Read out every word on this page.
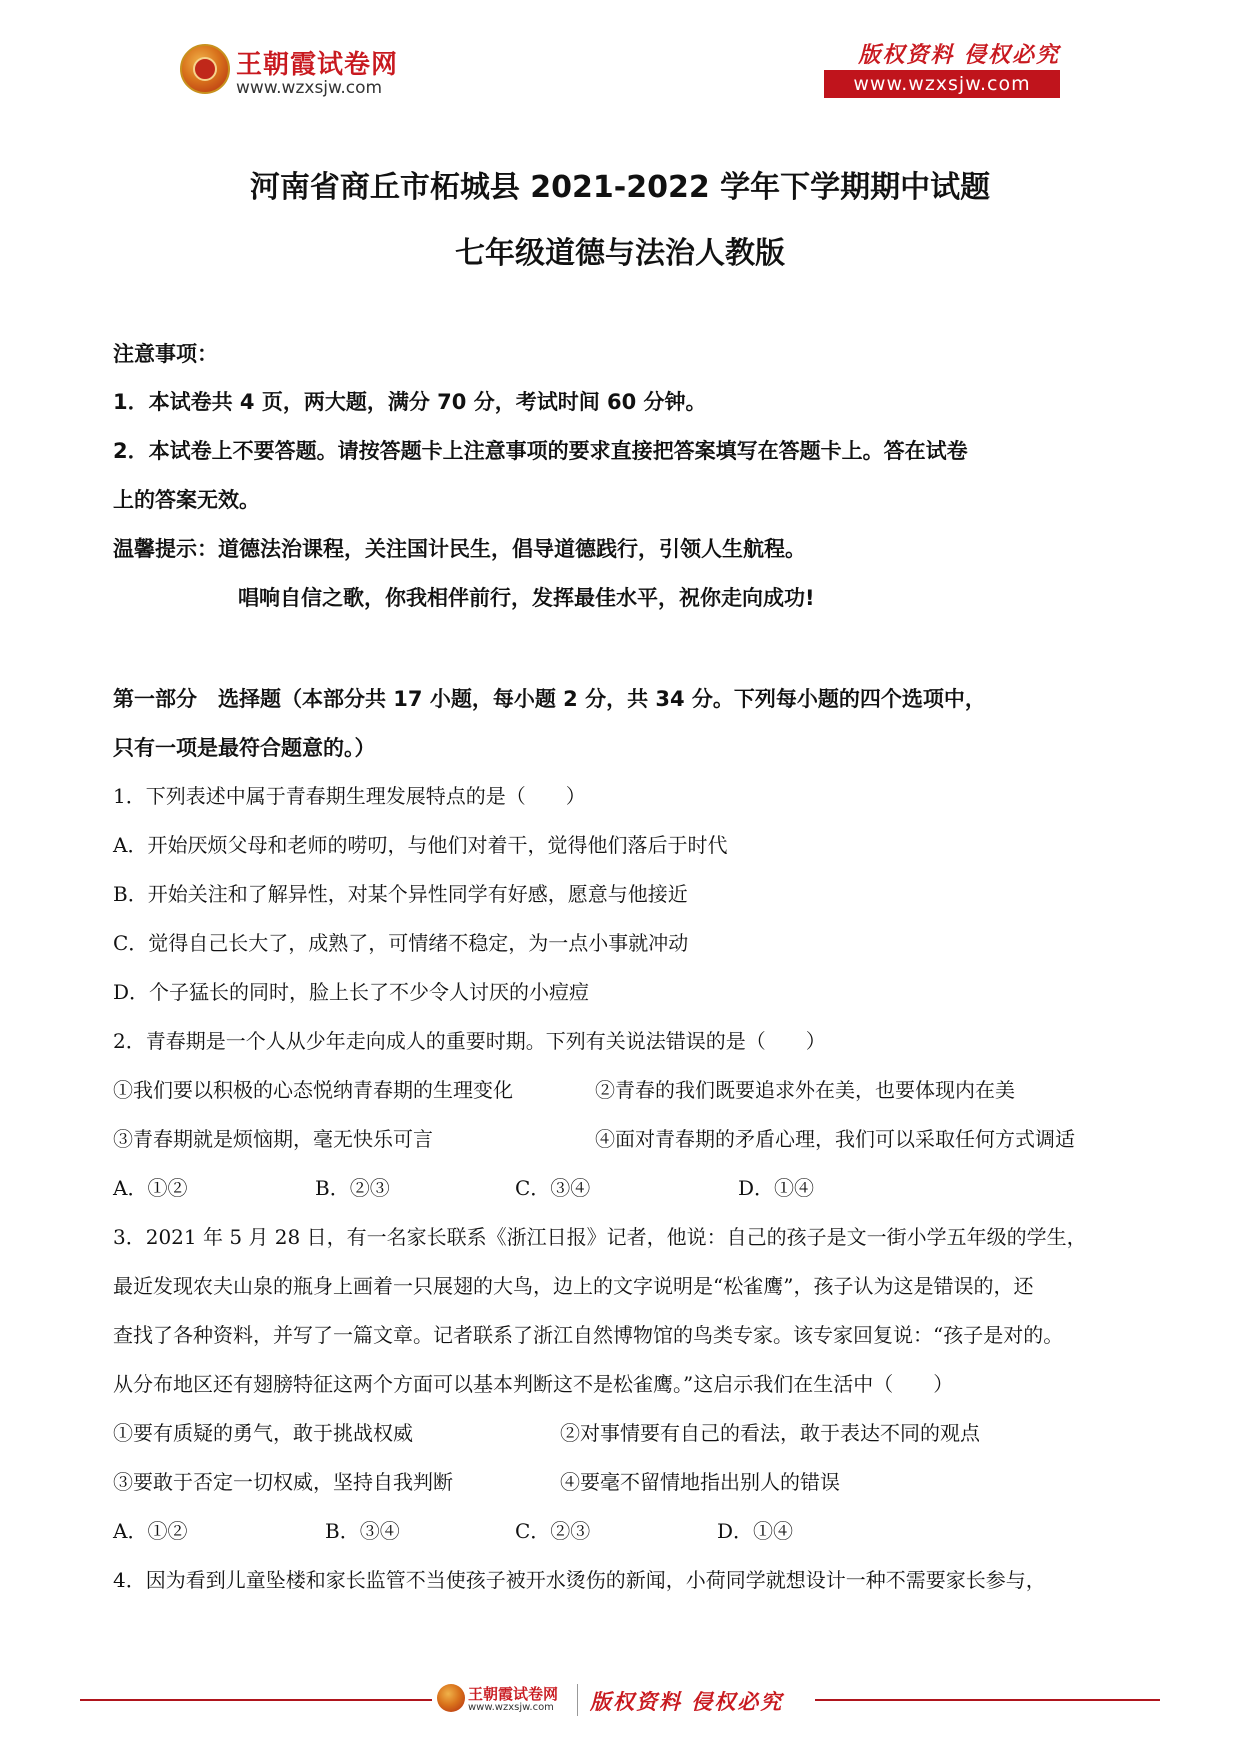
王朝霞试卷网
www.wzxsjw.com
版权资料 侵权必究
www.wzxsjw.com
河南省商丘市柘城县 2021-2022 学年下学期期中试题
七年级道德与法治人教版
注意事项：
1．本试卷共 4 页，两大题，满分 70 分，考试时间 60 分钟。
2．本试卷上不要答题。请按答题卡上注意事项的要求直接把答案填写在答题卡上。答在试卷
上的答案无效。
温馨提示：道德法治课程，关注国计民生，倡导道德践行，引领人生航程。
唱响自信之歌，你我相伴前行，发挥最佳水平，祝你走向成功!
第一部分　选择题（本部分共 17 小题，每小题 2 分，共 34 分。下列每小题的四个选项中，
只有一项是最符合题意的。）
1．下列表述中属于青春期生理发展特点的是（　　）
A．开始厌烦父母和老师的唠叨，与他们对着干，觉得他们落后于时代
B．开始关注和了解异性，对某个异性同学有好感，愿意与他接近
C．觉得自己长大了，成熟了，可情绪不稳定，为一点小事就冲动
D．个子猛长的同时，脸上长了不少令人讨厌的小痘痘
2．青春期是一个人从少年走向成人的重要时期。下列有关说法错误的是（　　）
①我们要以积极的心态悦纳青春期的生理变化	②青春的我们既要追求外在美，也要体现内在美
③青春期就是烦恼期，毫无快乐可言	④面对青春期的矛盾心理，我们可以采取任何方式调适
A．①②	B．②③	C．③④	D．①④
3．2021 年 5 月 28 日，有一名家长联系《浙江日报》记者，他说：自己的孩子是文一街小学五年级的学生，
最近发现农夫山泉的瓶身上画着一只展翅的大鸟，边上的文字说明是“松雀鹰”，孩子认为这是错误的，还
查找了各种资料，并写了一篇文章。记者联系了浙江自然博物馆的鸟类专家。该专家回复说：“孩子是对的。
从分布地区还有翅膀特征这两个方面可以基本判断这不是松雀鹰。”这启示我们在生活中（　　）
①要有质疑的勇气，敢于挑战权威	②对事情要有自己的看法，敢于表达不同的观点
③要敢于否定一切权威，坚持自我判断	④要毫不留情地指出别人的错误
A．①②	B．③④	C．②③	D．①④
4．因为看到儿童坠楼和家长监管不当使孩子被开水烫伤的新闻，小荷同学就想设计一种不需要家长参与，
王朝霞试卷网
www.wzxsjw.com 版权资料 侵权必究
